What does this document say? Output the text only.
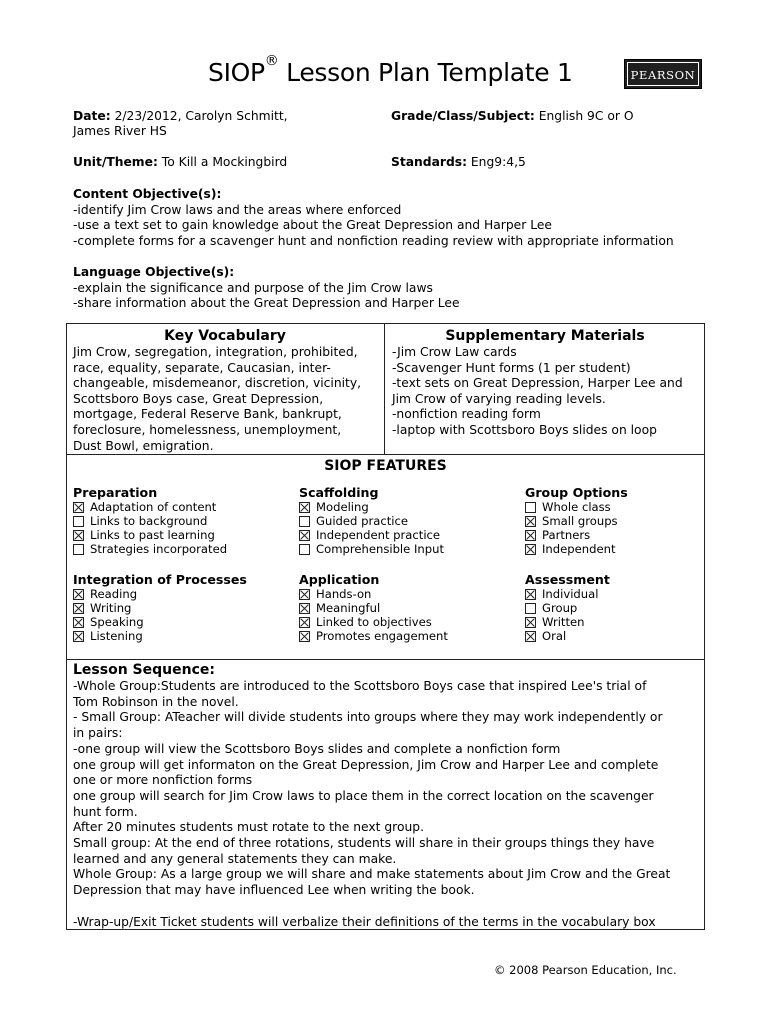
SIOP® Lesson Plan Template 1	PEARSON
Date: 2/23/2012, Carolyn Schmitt,
James River HS
Grade/Class/Subject: English 9C or O
Unit/Theme: To Kill a Mockingbird	Standards: Eng9:4,5
Content Objective(s):
-identify Jim Crow laws and the areas where enforced
-use a text set to gain knowledge about the Great Depression and Harper Lee
-complete forms for a scavenger hunt and nonfiction reading review with appropriate information
Language Objective(s):
-explain the significance and purpose of the Jim Crow laws
-share information about the Great Depression and Harper Lee
Key Vocabulary
Jim Crow, segregation, integration, prohibited,
race, equality, separate, Caucasian, inter-
changeable, misdemeanor, discretion, vicinity,
Scottsboro Boys case, Great Depression,
mortgage, Federal Reserve Bank, bankrupt,
foreclosure, homelessness, unemployment,
Dust Bowl, emigration.
Supplementary Materials
-Jim Crow Law cards
-Scavenger Hunt forms (1 per student)
-text sets on Great Depression, Harper Lee and
Jim Crow of varying reading levels.
-nonfiction reading form
-laptop with Scottsboro Boys slides on loop
SIOP FEATURES
Preparation
Adaptation of content
Links to background
Links to past learning
Strategies incorporated
Scaffolding
Modeling
Guided practice
Independent practice
Comprehensible Input
Group Options
Whole class
Small groups
Partners
Independent
Integration of Processes
Reading
Writing
Speaking
Listening
Application
Hands-on
Meaningful
Linked to objectives
Promotes engagement
Assessment
Individual
Group
Written
Oral
Lesson Sequence:
-Whole Group:Students are introduced to the Scottsboro Boys case that inspired Lee's trial of
Tom Robinson in the novel.
- Small Group: ATeacher will divide students into groups where they may work independently or
in pairs:
-one group will view the Scottsboro Boys slides and complete a nonfiction form
one group will get informaton on the Great Depression, Jim Crow and Harper Lee and complete
one or more nonfiction forms
one group will search for Jim Crow laws to place them in the correct location on the scavenger
hunt form.
After 20 minutes students must rotate to the next group.
Small group: At the end of three rotations, students will share in their groups things they have
learned and any general statements they can make.
Whole Group: As a large group we will share and make statements about Jim Crow and the Great
Depression that may have influenced Lee when writing the book.
-Wrap-up/Exit Ticket students will verbalize their definitions of the terms in the vocabulary box
© 2008 Pearson Education, Inc.
